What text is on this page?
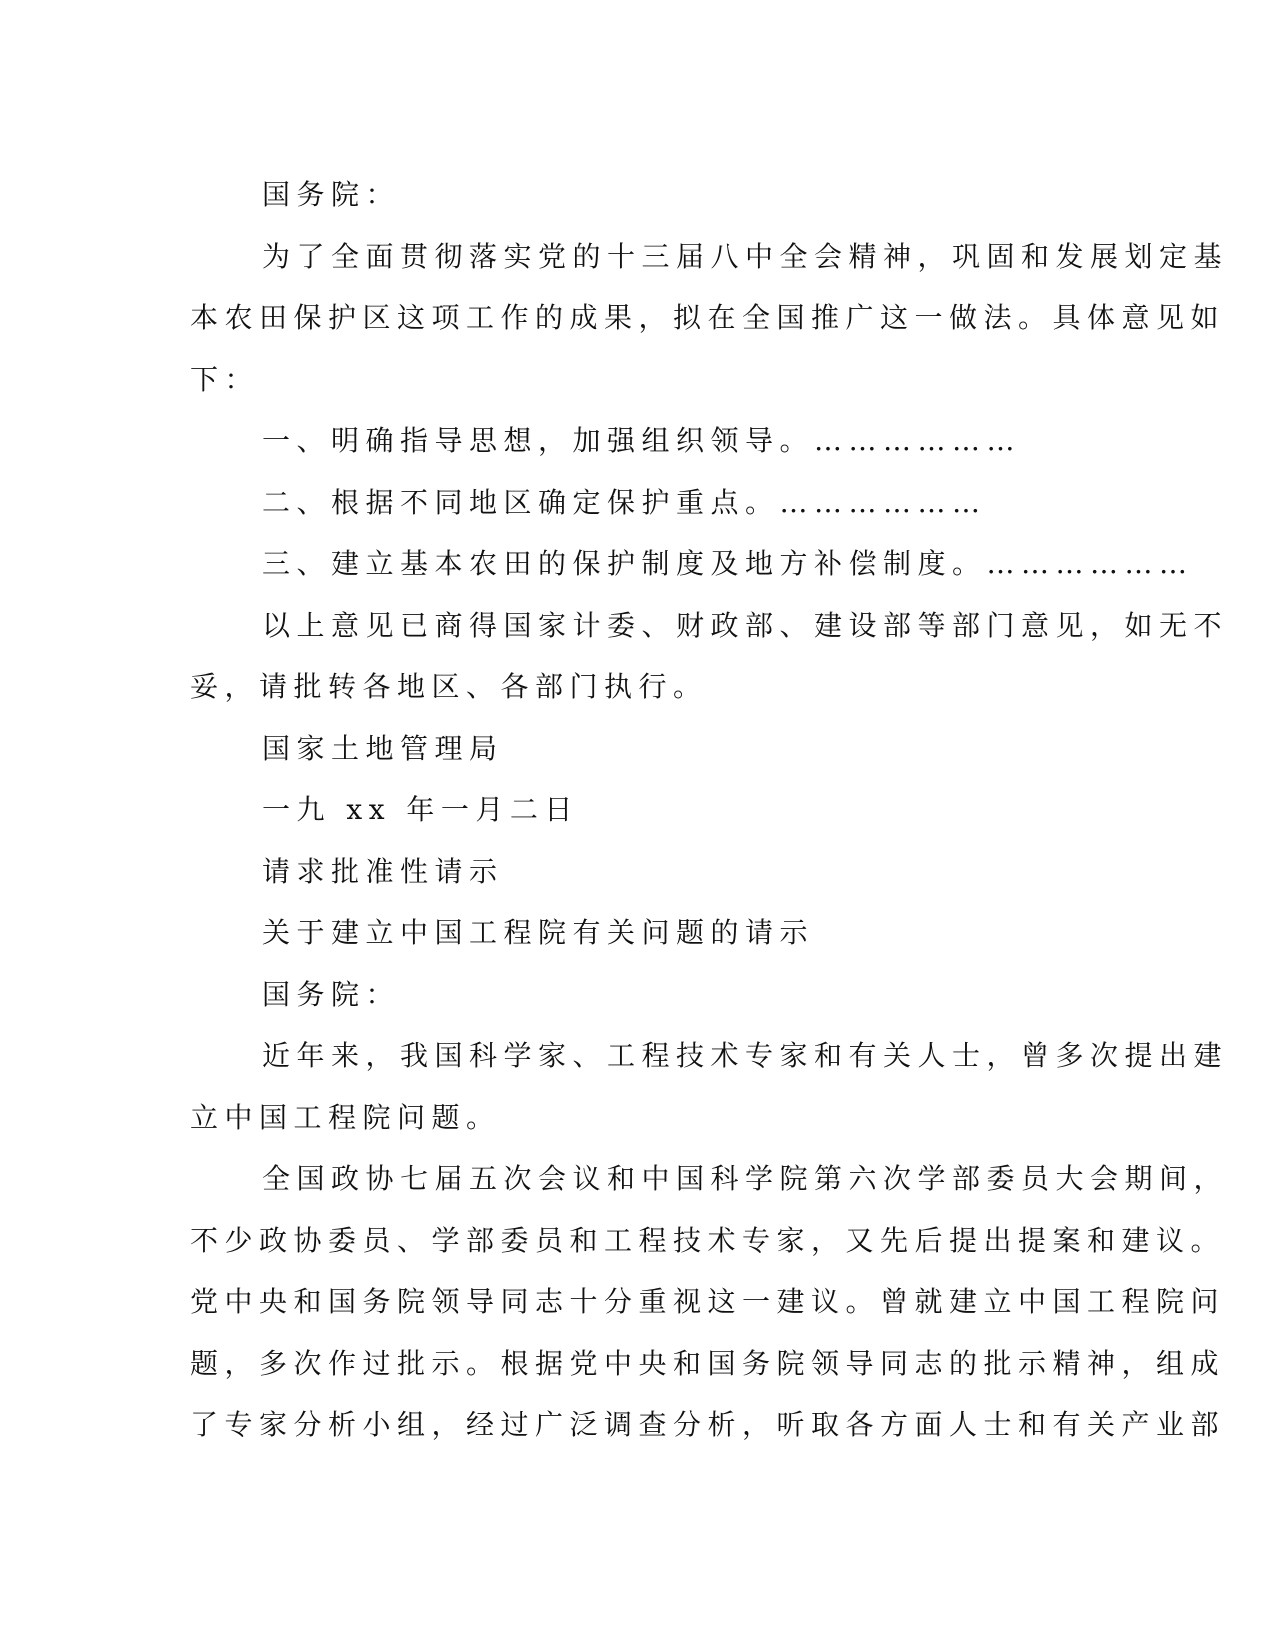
国务院：

为了全面贯彻落实党的十三届八中全会精神，巩固和发展划定基
本农田保护区这项工作的成果，拟在全国推广这一做法。具体意见如
下：

一、明确指导思想，加强组织领导。………………

二、根据不同地区确定保护重点。………………

三、建立基本农田的保护制度及地方补偿制度。………………

以上意见已商得国家计委、财政部、建设部等部门意见，如无不
妥，请批转各地区、各部门执行。

国家土地管理局

一九 xx 年一月二日

请求批准性请示

关于建立中国工程院有关问题的请示

国务院：

近年来，我国科学家、工程技术专家和有关人士，曾多次提出建
立中国工程院问题。

全国政协七届五次会议和中国科学院第六次学部委员大会期间，
不少政协委员、学部委员和工程技术专家，又先后提出提案和建议。
党中央和国务院领导同志十分重视这一建议。曾就建立中国工程院问
题，多次作过批示。根据党中央和国务院领导同志的批示精神，组成
了专家分析小组，经过广泛调查分析，听取各方面人士和有关产业部
